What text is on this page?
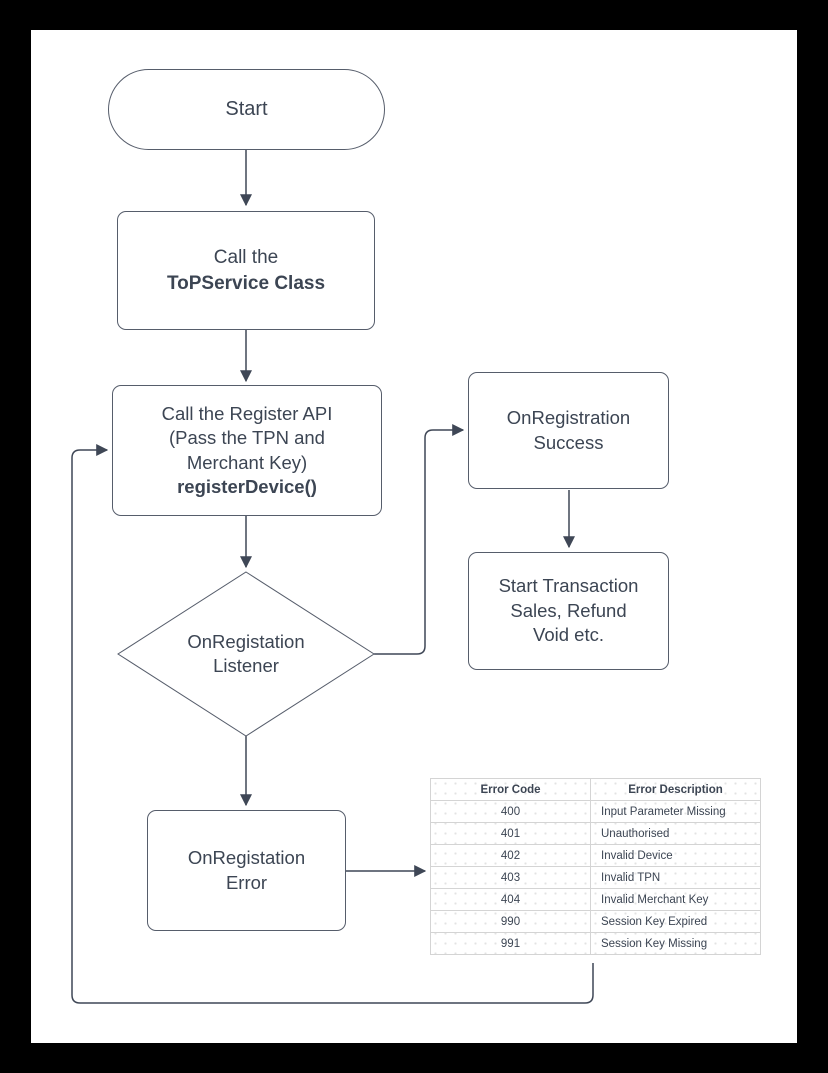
Start
Call the
ToPService Class
Call the Register API
(Pass the TPN and
Merchant Key)
registerDevice()
OnRegistation
Listener
OnRegistration
Success
Start Transaction
Sales, Refund
Void etc.
OnRegistation
Error
Error Code	Error Description
400	Input Parameter Missing
401	Unauthorised
402	Invalid Device
403	Invalid TPN
404	Invalid Merchant Key
990	Session Key Expired
991	Session Key Missing
